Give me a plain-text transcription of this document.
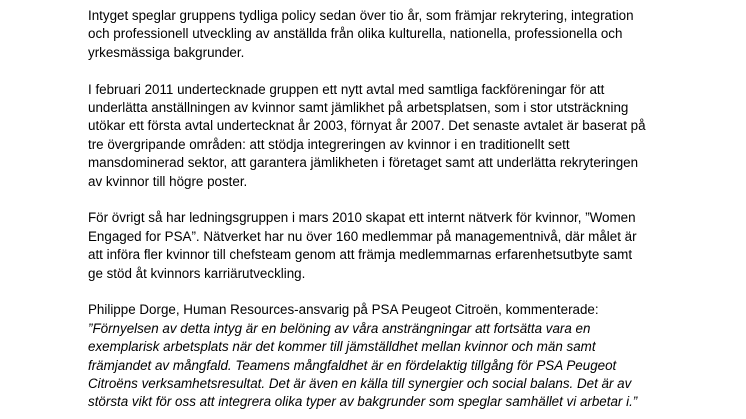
Intyget speglar gruppens tydliga policy sedan över tio år, som främjar rekrytering, integration
och professionell utveckling av anställda från olika kulturella, nationella, professionella och
yrkesmässiga bakgrunder.

I februari 2011 undertecknade gruppen ett nytt avtal med samtliga fackföreningar för att
underlätta anställningen av kvinnor samt jämlikhet på arbetsplatsen, som i stor utsträckning
utökar ett första avtal undertecknat år 2003, förnyat år 2007. Det senaste avtalet är baserat på
tre övergripande områden: att stödja integreringen av kvinnor i en traditionellt sett
mansdominerad sektor, att garantera jämlikheten i företaget samt att underlätta rekryteringen
av kvinnor till högre poster.

För övrigt så har ledningsgruppen i mars 2010 skapat ett internt nätverk för kvinnor, ”Women
Engaged for PSA”. Nätverket har nu över 160 medlemmar på managementnivå, där målet är
att införa fler kvinnor till chefsteam genom att främja medlemmarnas erfarenhetsutbyte samt
ge stöd åt kvinnors karriärutveckling.

Philippe Dorge, Human Resources-ansvarig på PSA Peugeot Citroën, kommenterade:
”Förnyelsen av detta intyg är en belöning av våra ansträngningar att fortsätta vara en
exemplarisk arbetsplats när det kommer till jämställdhet mellan kvinnor och män samt
främjandet av mångfald. Teamens mångfaldhet är en fördelaktig tillgång för PSA Peugeot
Citroëns verksamhetsresultat. Det är även en källa till synergier och social balans. Det är av
största vikt för oss att integrera olika typer av bakgrunder som speglar samhället vi arbetar i.”
